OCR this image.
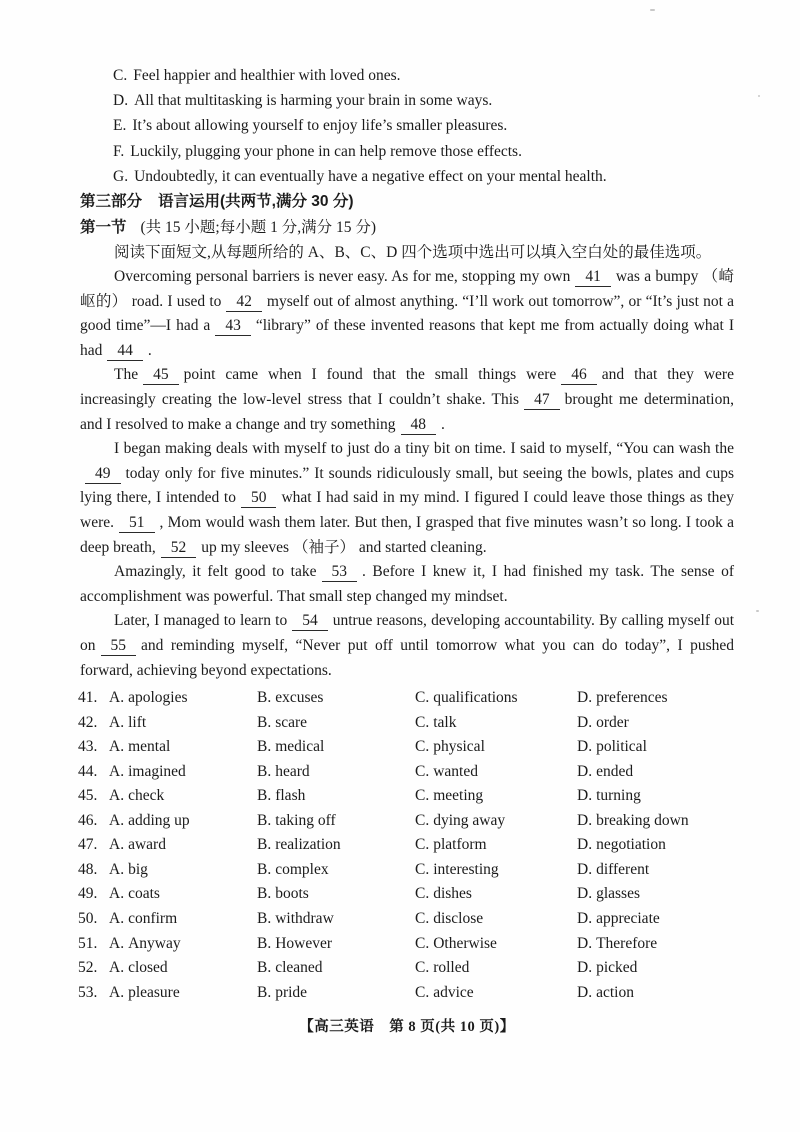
C. Feel happier and healthier with loved ones.
D. All that multitasking is harming your brain in some ways.
E. It’s about allowing yourself to enjoy life’s smaller pleasures.
F. Luckily, plugging your phone in can help remove those effects.
G. Undoubtedly, it can eventually have a negative effect on your mental health.
第三部分 语言运用(共两节,满分 30 分)
第一节 (共 15 小题;每小题 1 分,满分 15 分)
阅读下面短文,从每题所给的 A、B、C、D 四个选项中选出可以填入空白处的最佳选项。

Overcoming personal barriers is never easy. As for me, stopping my own 41 was a bumpy （崎岖的） road. I used to 42 myself out of almost anything. “I’ll work out tomorrow”, or “It’s just not a good time”—I had a 43 “library” of these invented reasons that kept me from actually doing what I had 44 .

The 45 point came when I found that the small things were 46 and that they were increasingly creating the low-level stress that I couldn’t shake. This 47 brought me determination, and I resolved to make a change and try something 48 .

I began making deals with myself to just do a tiny bit on time. I said to myself, “You can wash the49 today only for five minutes.” It sounds ridiculously small, but seeing the bowls, plates and cups lying there, I intended to 50 what I had said in my mind. I figured I could leave those things as they were. 51 , Mom would wash them later. But then, I grasped that five minutes wasn’t so long. I took a deep breath, 52 up my sleeves （袖子） and started cleaning.

Amazingly, it felt good to take 53 . Before I knew it, I had finished my task. The sense of accomplishment was powerful. That small step changed my mindset.

Later, I managed to learn to 54 untrue reasons, developing accountability. By calling myself out on 55 and reminding myself, “Never put off until tomorrow what you can do today”, I pushed forward, achieving beyond expectations.

41. A. apologies	B. excuses	C. qualifications	D. preferences
42. A. lift	B. scare	C. talk	D. order
43. A. mental	B. medical	C. physical	D. political
44. A. imagined	B. heard	C. wanted	D. ended
45. A. check	B. flash	C. meeting	D. turning
46. A. adding up	B. taking off	C. dying away	D. breaking down
47. A. award	B. realization	C. platform	D. negotiation
48. A. big	B. complex	C. interesting	D. different
49. A. coats	B. boots	C. dishes	D. glasses
50. A. confirm	B. withdraw	C. disclose	D. appreciate
51. A. Anyway	B. However	C. Otherwise	D. Therefore
52. A. closed	B. cleaned	C. rolled	D. picked
53. A. pleasure	B. pride	C. advice	D. action
【高三英语　第 8 页(共 10 页)】
